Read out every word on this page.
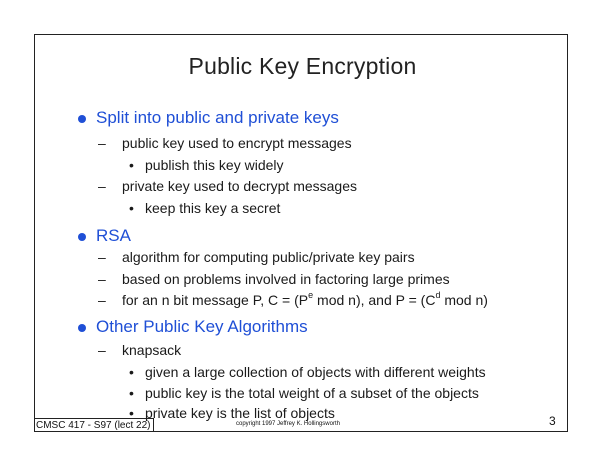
Public Key Encryption
Split into public and private keys
– public key used to encrypt messages
• publish this key widely
– private key used to decrypt messages
• keep this key a secret
RSA
– algorithm for computing public/private key pairs
– based on problems involved in factoring large primes
– for an n bit message P, $C = (P^e$ mod n), and $P = (C^d$ mod n)
Other Public Key Algorithms
– knapsack
• given a large collection of objects with different weights
• public key is the total weight of a subset of the objects
• private key is the list of objects
CMSC 417 - S97 (lect 22)	copyright 1997 Jeffrey K. Hollingsworth	3
